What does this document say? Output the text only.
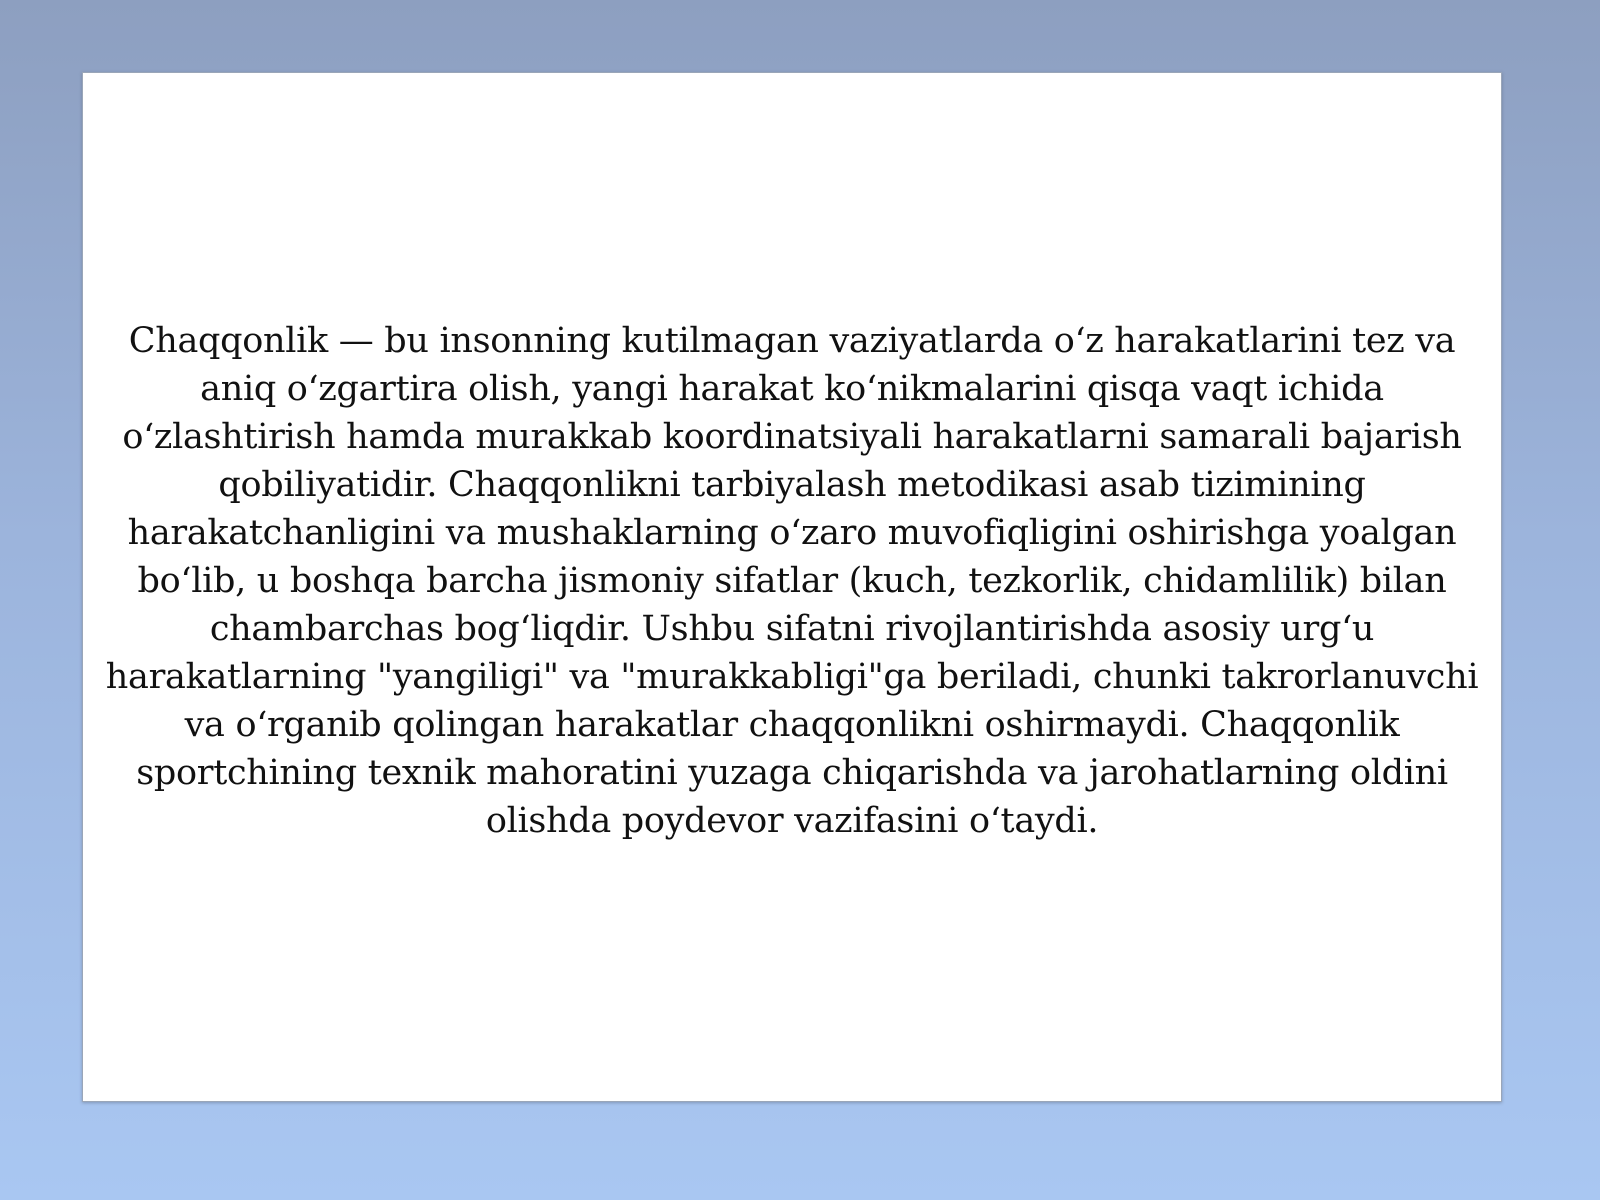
Chaqqonlik — bu insonning kutilmagan vaziyatlarda o‘z harakatlarini tez va aniq o‘zgartira olish, yangi harakat ko‘nikmalarini qisqa vaqt ichida o‘zlashtirish hamda murakkab koordinatsiyali harakatlarni samarali bajarish qobiliyatidir. Chaqqonlikni tarbiyalash metodikasi asab tizimining harakatchanligini va mushaklarning o‘zaro muvofiqligini oshirishga yoalgan bo‘lib, u boshqa barcha jismoniy sifatlar (kuch, tezkorlik, chidamlilik) bilan chambarchas bog‘liqdir. Ushbu sifatni rivojlantirishda asosiy urg‘u harakatlarning "yangiligi" va "murakkabligi"ga beriladi, chunki takrorlanuvchi va o‘rganib qolingan harakatlar chaqqonlikni oshirmaydi. Chaqqonlik sportchining texnik mahoratini yuzaga chiqarishda va jarohatlarning oldini olishda poydevor vazifasini o‘taydi.
